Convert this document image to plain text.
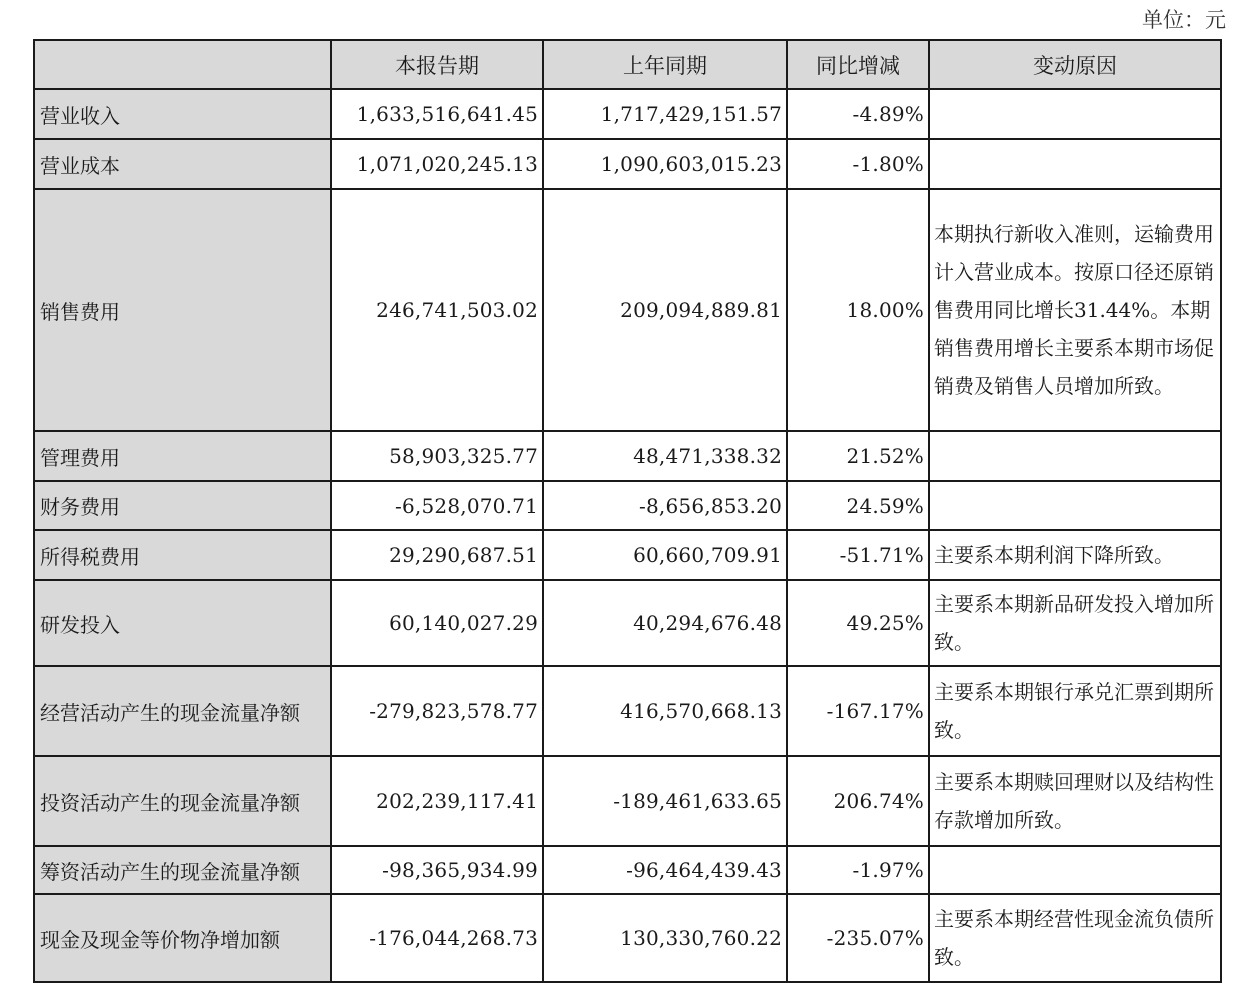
单位：元
	本报告期	上年同期	同比增减	变动原因
营业收入	1,633,516,641.45	1,717,429,151.57	-4.89%	
营业成本	1,071,020,245.13	1,090,603,015.23	-1.80%	
销售费用	246,741,503.02	209,094,889.81	18.00%	本期执行新收入准则，运输费用计入营业成本。按原口径还原销售费用同比增长31.44%。本期销售费用增长主要系本期市场促销费及销售人员增加所致。
管理费用	58,903,325.77	48,471,338.32	21.52%	
财务费用	-6,528,070.71	-8,656,853.20	24.59%	
所得税费用	29,290,687.51	60,660,709.91	-51.71%	主要系本期利润下降所致。
研发投入	60,140,027.29	40,294,676.48	49.25%	主要系本期新品研发投入增加所致。
经营活动产生的现金流量净额	-279,823,578.77	416,570,668.13	-167.17%	主要系本期银行承兑汇票到期所致。
投资活动产生的现金流量净额	202,239,117.41	-189,461,633.65	206.74%	主要系本期赎回理财以及结构性存款增加所致。
筹资活动产生的现金流量净额	-98,365,934.99	-96,464,439.43	-1.97%	
现金及现金等价物净增加额	-176,044,268.73	130,330,760.22	-235.07%	主要系本期经营性现金流负债所致。
